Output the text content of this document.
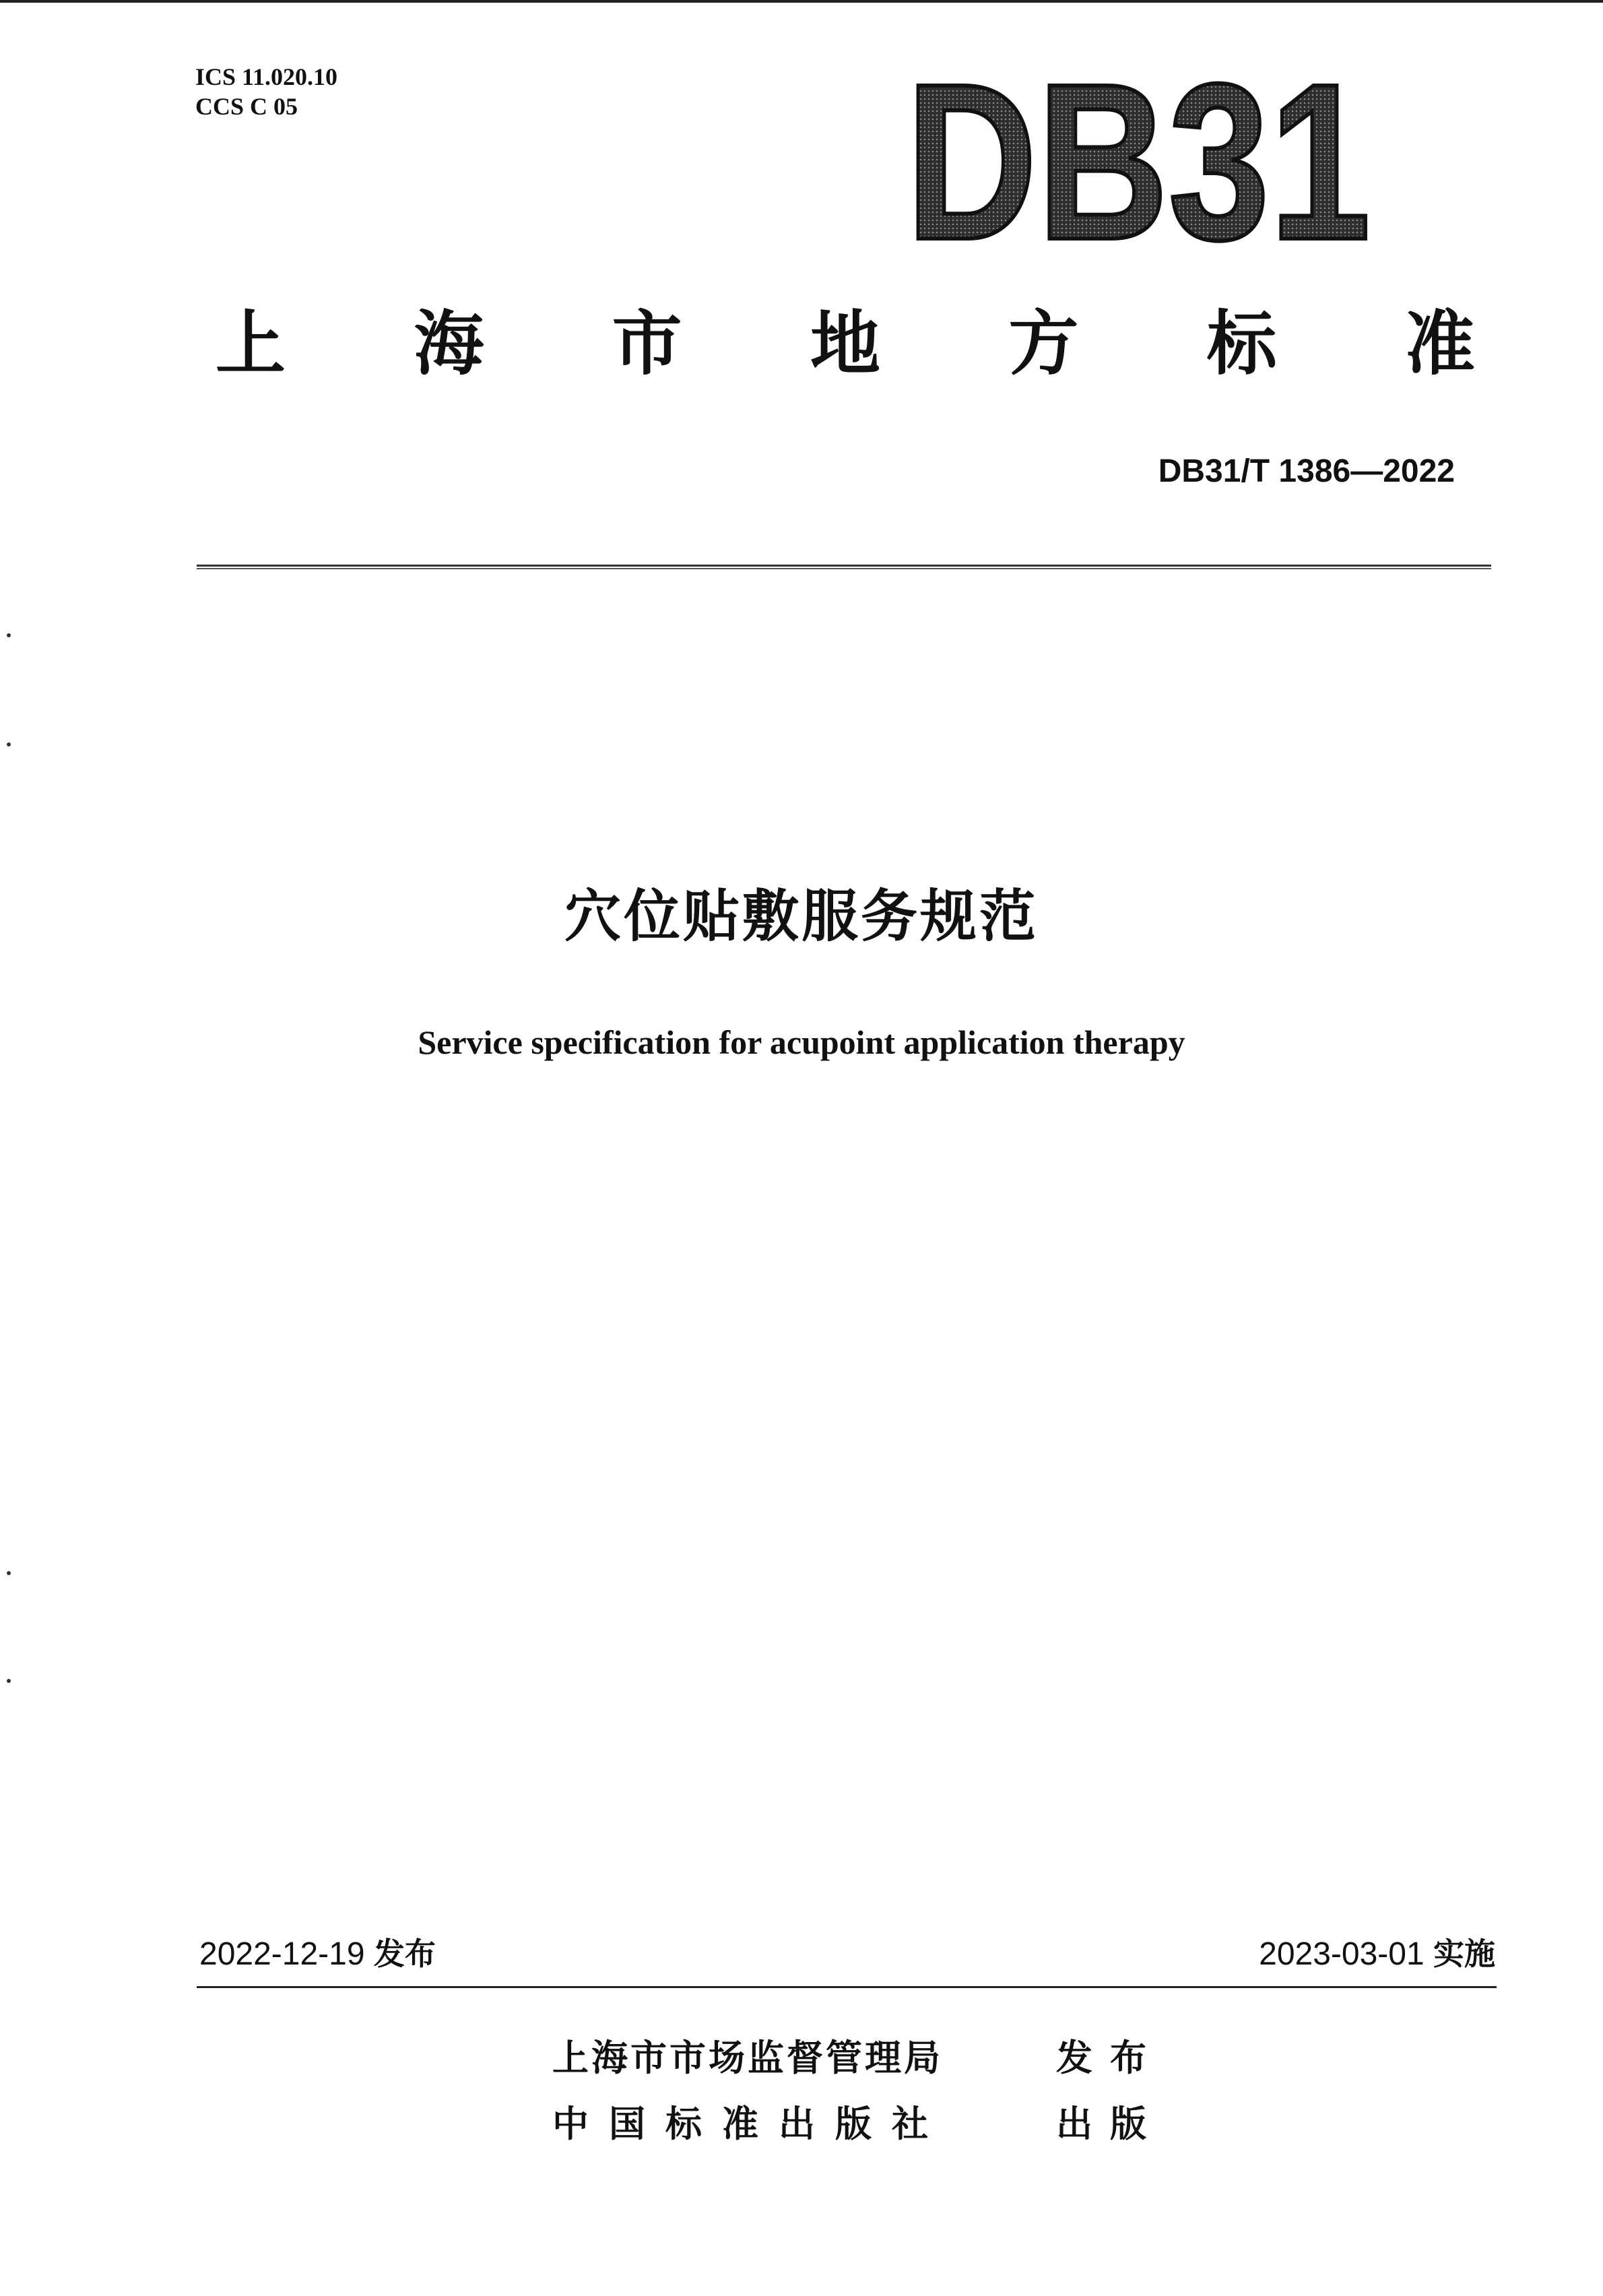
ICS 11.020.10
CCS C 05	DB31
上 海 市 地 方 标 准
DB31/T 1386—2022
穴位贴敷服务规范
Service specification for acupoint application therapy
2022-12-19 发布	2023-03-01 实施
上海市市场监督管理局	发布
中国标准出版社	出版
